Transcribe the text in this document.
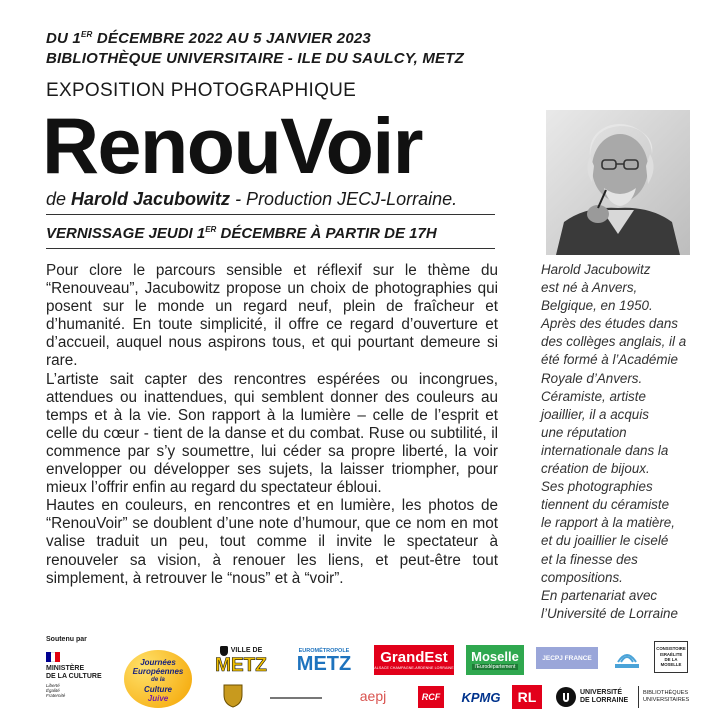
DU 1ER DÉCEMBRE 2022 AU 5 JANVIER 2023
BIBLIOTHÈQUE UNIVERSITAIRE - ILE DU SAULCY, METZ
EXPOSITION PHOTOGRAPHIQUE
RenouVoir
de Harold Jacubowitz - Production JECJ-Lorraine.
VERNISSAGE JEUDI 1ER DÉCEMBRE À PARTIR DE 17H

Pour clore le parcours sensible et réflexif sur le thème du “Renouveau”, Jacubowitz propose un choix de photographies qui posent sur le monde un regard neuf, plein de fraîcheur et d’humanité. En toute simplicité, il offre ce regard d’ouverture et d’accueil, auquel nous aspirons tous, et qui pourtant demeure si rare.

L’artiste sait capter des rencontres espérées ou incongrues, attendues ou inattendues, qui semblent donner des couleurs au temps et à la vie. Son rapport à la lumière – celle de l’esprit et celle du cœur - tient de la danse et du combat. Ruse ou subtilité, il commence par s’y soumettre, lui céder sa propre liberté, la voir envelopper ou développer ses sujets, la laisser triompher, pour mieux l’offrir enfin au regard du spectateur ébloui.

Hautes en couleurs, en rencontres et en lumière, les photos de “RenouVoir” se doublent d’une note d’humour, que ce nom en mot valise traduit un peu, tout comme il invite le spectateur à renouveler sa vision, à renouer les liens, et peut-être tout simplement, à retrouver le “nous” et à “voir”.

Harold Jacubowitz

est né à Anvers,

Belgique, en 1950.

Après des études dans

des collèges anglais, il a

été formé à l’Académie

Royale d’Anvers.

Céramiste, artiste

joaillier, il a acquis

une réputation

internationale dans la

création de bijoux.

Ses photographies

tiennent du céramiste

le rapport à la matière,

et du joaillier le ciselé

et la finesse des

compositions.

En partenariat avec

l’Université de Lorraine

Soutenu par
MINISTÈRE
DE LA CULTURE
Liberté
Égalité
Fraternité
Journées
Européennes
de la
Culture
Juive
VILLE DE
METZ
EUROMÉTROPOLE
METZ GrandEst
ALSACE CHAMPAGNE-ARDENNE LORRAINE
Moselle
l'Eurodépartement
JECPJ FRANCE
CONSISTOIRE
ISRAÉLITE
DE LA
MOSELLE
aepj	RCF KPMG RL	UNIVERSITÉ
DE LORRAINE
BIBLIOTHÈQUES
UNIVERSITAIRES
